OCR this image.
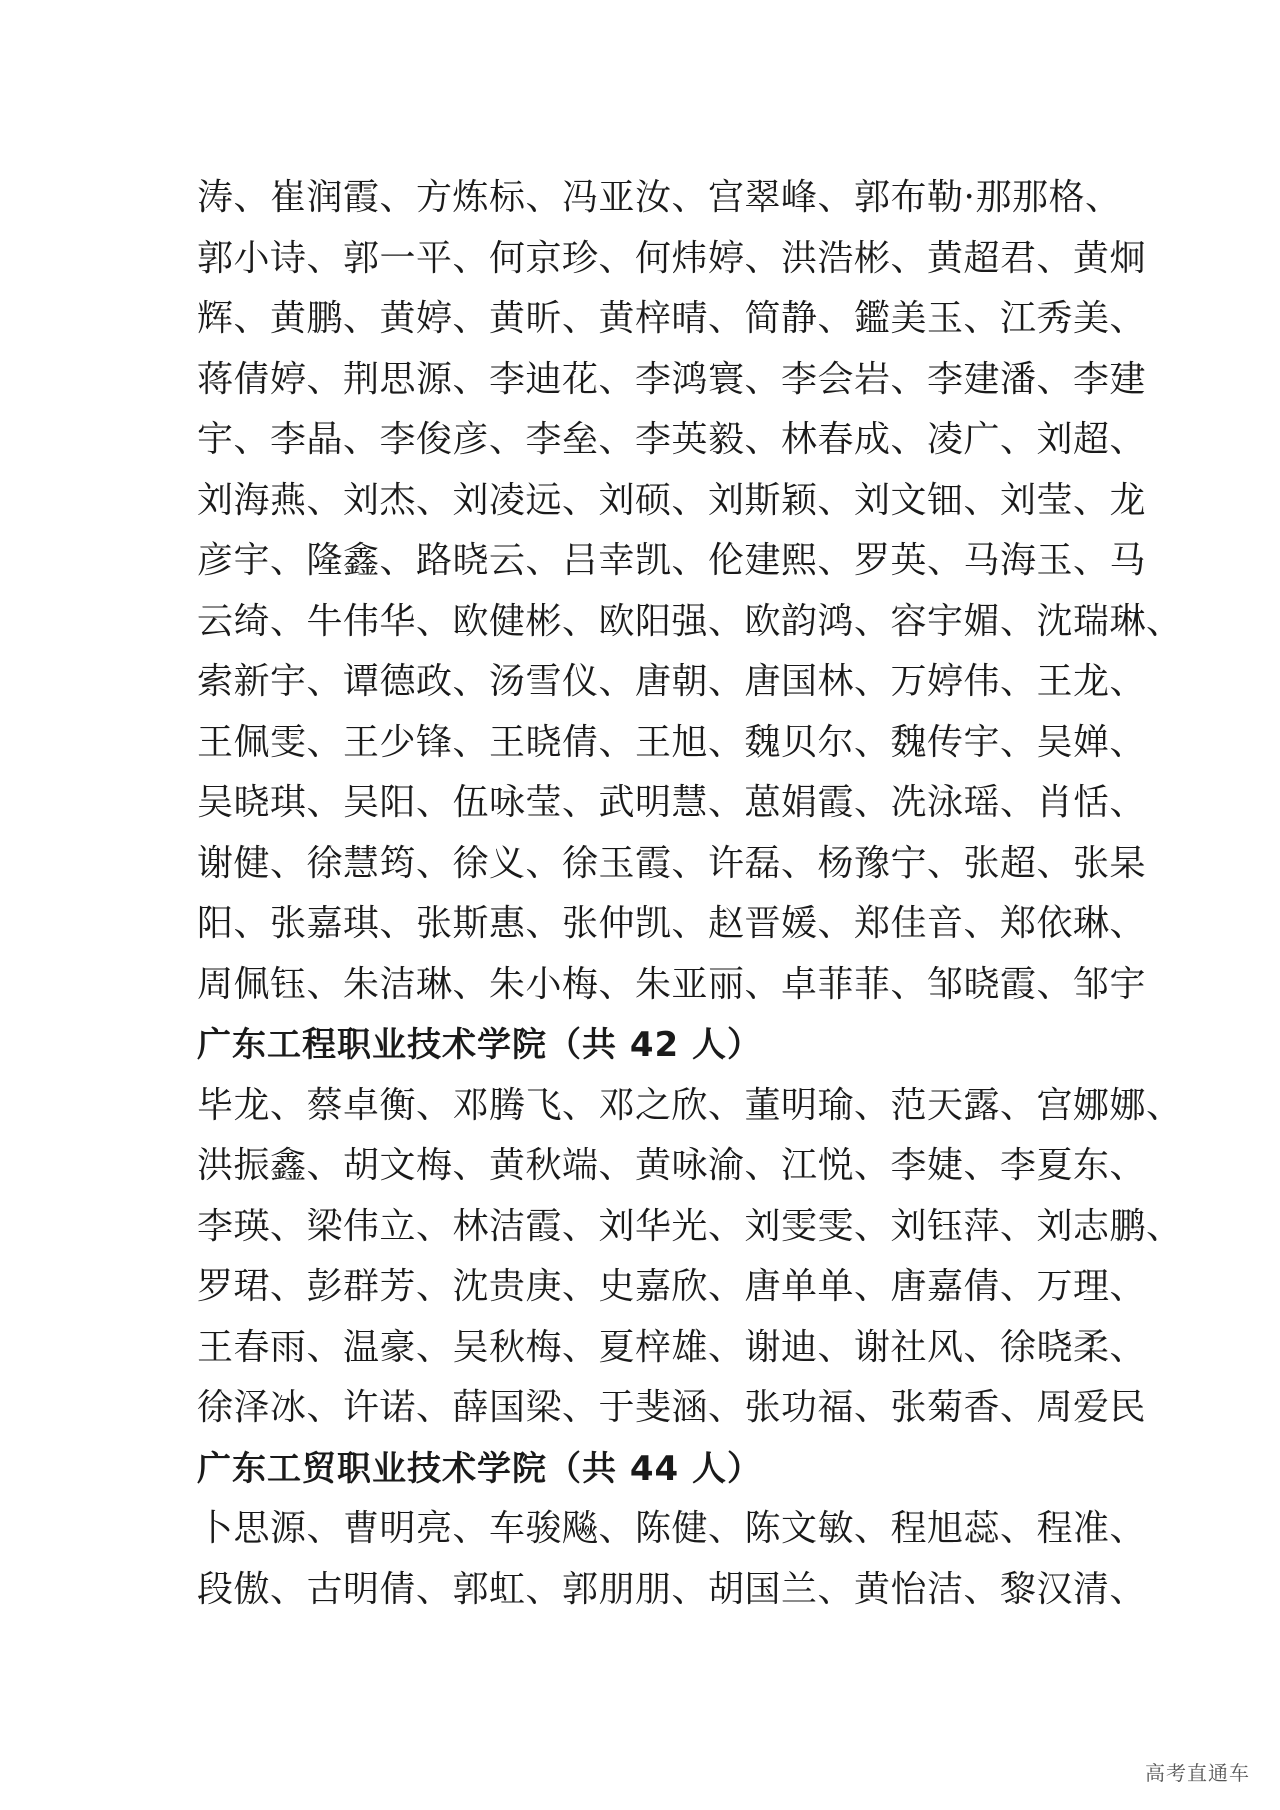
涛、崔润霞、方炼标、冯亚汝、宫翠峰、郭布勒·那那格、
郭小诗、郭一平、何京珍、何炜婷、洪浩彬、黄超君、黄炯
辉、黄鹏、黄婷、黄昕、黄梓晴、简静、鑑美玉、江秀美、
蒋倩婷、荆思源、李迪花、李鸿寰、李会岩、李建潘、李建
宇、李晶、李俊彦、李垒、李英毅、林春成、凌广、刘超、
刘海燕、刘杰、刘凌远、刘硕、刘斯颖、刘文钿、刘莹、龙
彦宇、隆鑫、路晓云、吕幸凯、伦建熙、罗英、马海玉、马
云绮、牛伟华、欧健彬、欧阳强、欧韵鸿、容宇媚、沈瑞琳、
索新宇、谭德政、汤雪仪、唐朝、唐国林、万婷伟、王龙、
王佩雯、王少锋、王晓倩、王旭、魏贝尔、魏传宇、吴婵、
吴晓琪、吴阳、伍咏莹、武明慧、葸娟霞、冼泳瑶、肖恬、
谢健、徐慧筠、徐义、徐玉霞、许磊、杨豫宁、张超、张杲
阳、张嘉琪、张斯惠、张仲凯、赵晋媛、郑佳音、郑依琳、
周佩钰、朱洁琳、朱小梅、朱亚丽、卓菲菲、邹晓霞、邹宇
广东工程职业技术学院（共 42 人）
毕龙、蔡卓衡、邓腾飞、邓之欣、董明瑜、范天露、宫娜娜、
洪振鑫、胡文梅、黄秋端、黄咏渝、江悦、李婕、李夏东、
李瑛、梁伟立、林洁霞、刘华光、刘雯雯、刘钰萍、刘志鹏、
罗珺、彭群芳、沈贵庚、史嘉欣、唐单单、唐嘉倩、万理、
王春雨、温豪、吴秋梅、夏梓雄、谢迪、谢社风、徐晓柔、
徐泽冰、许诺、薛国梁、于斐涵、张功福、张菊香、周爱民
广东工贸职业技术学院（共 44 人）
卜思源、曹明亮、车骏飚、陈健、陈文敏、程旭蕊、程准、
段傲、古明倩、郭虹、郭朋朋、胡国兰、黄怡洁、黎汉清、
高考直通车
